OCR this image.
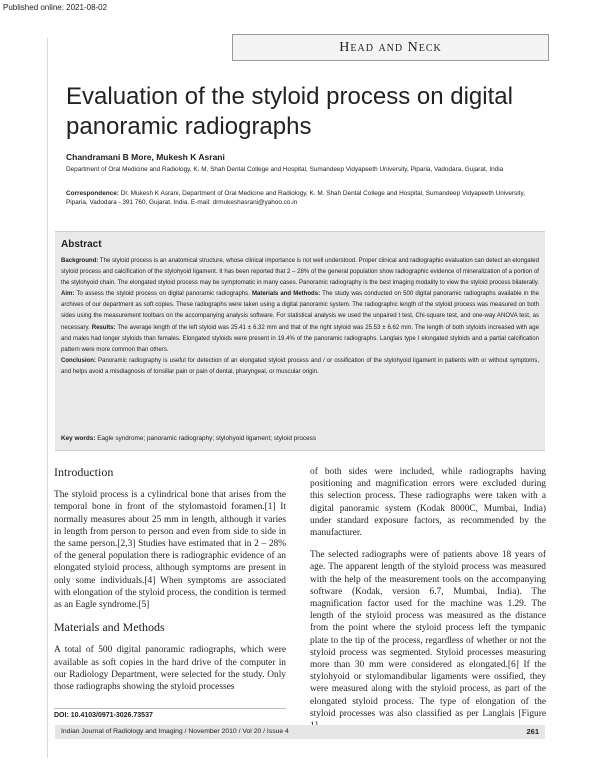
Published online: 2021-08-02
Head and Neck
Evaluation of the styloid process on digital panoramic radiographs
Chandramani B More, Mukesh K Asrani
Department of Oral Medicine and Radiology, K. M. Shah Dental College and Hospital, Sumandeep Vidyapeeth University, Piparia, Vadodara, Gujarat, India
Correspondence: Dr. Mukesh K Asrani, Department of Oral Medicine and Radiology, K. M. Shah Dental College and Hospital, Sumandeep Vidyapeeth University, Piparia, Vadodara - 391 760, Gujarat, India. E-mail: drmukeshasrani@yahoo.co.in
Abstract

Background: The styloid process is an anatomical structure, whose clinical importance is not well understood. Proper clinical and radiographic evaluation can detect an elongated styloid process and calcification of the stylohyoid ligament. It has been reported that 2 – 28% of the general population show radiographic evidence of mineralization of a portion of the stylohyoid chain. The elongated styloid process may be symptomatic in many cases. Panoramic radiography is the best imaging modality to view the styloid process bilaterally. Aim: To assess the styloid process on digital panoramic radiographs. Materials and Methods: The study was conducted on 500 digital panoramic radiographs available in the archives of our department as soft copies. These radiographs were taken using a digital panoramic system. The radiographic length of the styloid process was measured on both sides using the measurement toolbars on the accompanying analysis software. For statistical analysis we used the unpaired t test, Chi-square test, and one-way ANOVA test, as necessary. Results: The average length of the left styloid was 25.41 ± 6.32 mm and that of the right styloid was 25.53 ± 6.62 mm. The length of both styloids increased with age and males had longer styloids than females. Elongated styloids were present in 19.4% of the panoramic radiographs. Langlais type I elongated styloids and a partial calcification pattern were more common than others.
Conclusion: Panoramic radiography is useful for detection of an elongated styloid process and / or ossification of the stylohyoid ligament in patients with or without symptoms, and helps avoid a misdiagnosis of tonsillar pain or pain of dental, pharyngeal, or muscular origin.

Key words: Eagle syndrome; panoramic radiography; stylohyoid ligament; styloid process
Introduction

The styloid process is a cylindrical bone that arises from the temporal bone in front of the stylomastoid foramen.[1] It normally measures about 25 mm in length, although it varies in length from person to person and even from side to side in the same person.[2,3] Studies have estimated that in 2 – 28% of the general population there is radiographic evidence of an elongated styloid process, although symptoms are present in only some individuals.[4] When symptoms are associated with elongation of the styloid process, the condition is termed as an Eagle syndrome.[5]

Materials and Methods

A total of 500 digital panoramic radiographs, which were available as soft copies in the hard drive of the computer in our Radiology Department, were selected for the study. Only those radiographs showing the styloid processes

of both sides were included, while radiographs having positioning and magnification errors were excluded during this selection process. These radiographs were taken with a digital panoramic system (Kodak 8000C, Mumbai, India) under standard exposure factors, as recommended by the manufacturer.

The selected radiographs were of patients above 18 years of age. The apparent length of the styloid process was measured with the help of the measurement tools on the accompanying software (Kodak, version 6.7, Mumbai, India). The magnification factor used for the machine was 1.29. The length of the styloid process was measured as the distance from the point where the styloid process left the tympanic plate to the tip of the process, regardless of whether or not the styloid process was segmented. Styloid processes measuring more than 30 mm were considered as elongated.[6] If the stylohyoid or stylomandibular ligaments were ossified, they were measured along with the styloid process, as part of the elongated styloid process. The type of elongation of the styloid processes was also classified as per Langlais [Figure

DOI: 10.4103/0971-3026.73537
Indian Journal of Radiology and Imaging / November 2010 / Vol 20 / Issue 4	261
